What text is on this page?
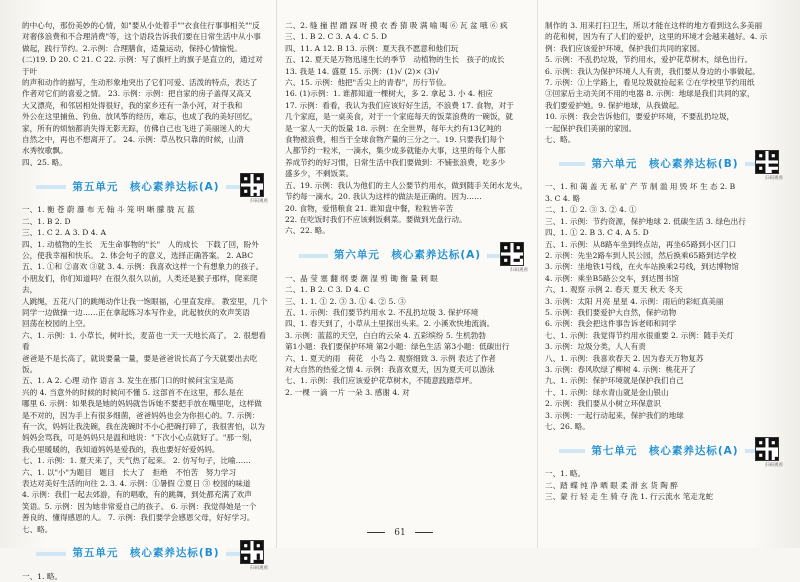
的中心句，那份美妙的心情，如"要从小处着手""衣食住行事事相关""反

对奢侈浪费和不合理消费"等，这个语段告诉我们要在日常生活中从小事

做起，践行节约。2.示例：合理膳食，适量运动，保持心情愉悦。

(二)19. D 20. C 21. C 22. 示例：写了旗杆上的旗子是直立的，通过对于叶

的声和动作的描写，生动形象地突出了它们可爱、活泼的特点，表达了

作者对它们的喜爱之情。 23. 示例：示例：把自家的房子盖得又高又

大又漂亮，和邻居相处得很好，我的家乡还有一条小河，对于我和

外公在这里捕鱼、钓鱼、放风筝的经历，难忘，也成了我的美好回忆，

家，所有的烦恼都消失得无影无踪，仿佛自己也飞进了美丽迷人的大

自然之中，再也不想离开了。 24. 示例：草丛牧只靠的时候，山清

水秀牧歌飘。

四、25. 略。

第五单元　核心素养达标(A)
扫码观看

一、1. 衡 苍 蔚 瀑 布 无 翰 斗 笼 明 晰 朦 胧 瓦 蓝

二、1. B 2. D

三、1. C 2. A 3. D 4. A

四、1. 动植物的生长　无生命事物的"长"　人的成长　下载了回，盼外

公，使我幸福和快乐。 2. 体会句子的意义，选择正确答案。 2. ABC

五、1. ①和 ②喜欢 ③就 3. 4. 示例：我喜欢这样一个有想象力的孩子。

小朋友们，你们知道吗？在很久很久以前，人类还是猴子那样，爬来爬去，

人跳绳，五花八门的跳绳动作让我一饱眼福，心里直发痒。 教室里，几个

同学一边做操一边……正在拿起练习本写作业，此起彼伏的欢声笑语

回荡在校园的上空。

六、1. 示例：1. 小草长，树叶长，麦苗也一天一天地长高了。 2. 很想看看

爸爸是不是长高了，就说要量一量，要是爸爸说长高了今天就要出去吃饭。

五、1. A 2. 心理 动作 语言 3. 发生在那门口的时候问宝宝是高

兴的 4. 当意外的时候的时候问不懂 5. 这部首不在这里，那么是在

哪里 6. 示例：如果我是她的妈妈就告诉她不要把手放在嘴里吃，这样做

是不对的，因为手上有很多细菌，爸爸妈妈也会为你担心的。7. 示例：

有一次，妈妈让我洗碗，我在洗碗时不小心把碗打碎了，我很害怕，以为

妈妈会骂我，可是妈妈只是温和地说："下次小心点就好了。"那一刻，

我心里暖暖的，我知道妈妈是爱我的，我也要好好爱妈妈。

七、1. 示例：1. 夏天来了，天气热了起来。 2. 仿写句子，比喻……

六、1. 以"小"为题目　题目　长大了　拒绝　不怕苦　努力学习

表达对美好生活的向往 2. 3. 4. 示例：①暑假 ②夏日 ③ 校园的味道

4. 示例：我们一起去郊游，有的唱歌，有的跳舞，到处都充满了欢声

笑语。5. 示例：因为她非常爱自己的孩子。 6. 示例：我觉得她是一个

善良的、懂得感恩的人。 7. 示例：我们要学会感恩父母，好好学习。

七、略。

第五单元　核心素养达标(B)
扫码观看

一、1. 略。

二、2. 缝 撞 捏 蹭 踩 呀 摸 衣 香 猜 吸 满 喻 喝 ⑥ 瓦 盆 哦 ⑥ 疯

三、1. B 2. C 3. A 4. C 5. D

四、11. A 12. B 13. 示例：夏天我不愿意和他们玩

五、12. 夏天是万物迅速生长的季节　动植物的生长　孩子的成长

13. 我是 14. 盛夏 15. 示例：(1)√ (2)× (3)√

六、15. 示例：他把"舌尖上的青春"，历行节俭。

16. (1)示例：1. 谁都知道一棵树大，多 2. 拿起 3. 小 4. 相应

17. 示例：看看，我认为我们应该好好生活，不浪费 17. 食物，对于

几个家庭，是一桌美食，对于一个家庭每天的饭菜浪费的一碗饭，就

是一家人一天的饭量 18. 示例：在全世界，每年大约有13亿吨的

食物被浪费，相当于全球食物产量的三分之一。19. 只要我们每个

人都节约一粒米，一滴水，集少成多就能办大事，这里的每个人都

养成节约的好习惯，日常生活中我们要做到：不铺张浪费，吃多少

盛多少，不剩饭菜。

五、19. 示例：我认为他们的主人公要节约用水，做到随手关闭水龙头，

节约每一滴水。20. 我认为这样的做法是正确的。因为……

20. 食物，爱惜粮食 21. 谁知盘中餐，粒粒皆辛苦

22. 在吃饭时我们不应该剩饭剩菜。要做到光盘行动。

六、22. 略。

第六单元　核心素养达标(A)
扫码观看

一、晶 莹 塞 翻 纲 要 潮 湿 剪 锄 衡 量 刺 眼

二、1. B 2. C 3. D 4. C

三、1. 1. ① 2. ③ 3. ① 4. ② 5. ③

五、1. 示例：我们要节约用水 2. 不乱扔垃圾 3. 保护环境

四、1. 春天到了，小草从土里探出头来。2. 小溪欢快地流淌。

3. 示例：蓝蓝的天空，白白的云朵 4. 五彩缤纷 5. 生机勃勃

第1小题：我们要保护环境 第2小题：绿色生活 第3小题：低碳出行

六、1. 夏天的雨　荷花　小鸟 2. 观察细致 3. 示例 表达了作者

对大自然的热爱之情 4. 示例：我喜欢夏天，因为夏天可以游泳

七、1. 示例：我们应该爱护花草树木，不随意践踏草坪。

2. 一棵 一滴 一片 一朵 3. 感谢 4. 对

制作的 3. 用来打扫卫生，所以才能在这样的地方看到这么多美丽

的花和树，因为有了人们的爱护，这里的环境才会越来越好。4. 示

例：我们应该爱护环境，保护我们共同的家园。

5. 示例：不乱扔垃圾，节约用水，爱护花草树木，绿色出行。

6. 示例：我认为保护环境人人有责，我们要从身边的小事做起。

7. 示例：①上学路上，看见垃圾就捡起来 ②在学校里节约用纸

③回家后主动关闭不用的电器 8. 示例：地球是我们共同的家，

我们要爱护她。9. 保护地球，从我做起。

10. 示例：我会告诉他们，要爱护环境，不要乱扔垃圾，

一起保护我们美丽的家园。

七、略。

第六单元　核心素养达标(B)
扫码观看

一、1. 和 蔼 盖 无 私 矿 产 节 制 滥 用 毁 坏 生 态 2. B

3. C 4. 略

二、1. ① 2. ③ 3. ② 4. ①

三、1. 示例：节约资源，保护地球 2. 低碳生活 3. 绿色出行

四、1. ① 2. B 3. C 4. A 5. D

五、1. 示例：从8路车坐到终点站，再坐65路到小区门口

2. 示例：先坐2路车到人民公园，然后换乘65路到达学校

3. 示例：坐地铁1号线，在火车站换乘2号线，到达博物馆

4. 示例：乘坐B5路公交车，到达图书馆

六、1. 观察 示例 2. 春天 夏天 秋天 冬天

3. 示例：太阳 月亮 星星 4. 示例：雨后的彩虹真美丽

5. 示例：我们要爱护大自然，保护动物

6. 示例：我会把这件事告诉老师和同学

七、1. 示例：我觉得节约用水很重要 2. 示例：随手关灯

3. 示例：垃圾分类，人人有责

八、1. 示例：我喜欢春天 2. 因为春天万物复苏

3. 示例：春风吹绿了柳树 4. 示例：桃花开了

九、1. 示例：保护环境就是保护我们自己

十、1. 示例：绿水青山就是金山银山

2. 示例：我们要从小树立环保意识

3. 示例：一起行动起来，保护我们的地球

七、26. 略。

第七单元　核心素养达标(A)
扫码观看

一、1. 略。

二、踏 蝶 纯 净 晒 眼 柔 滑 玄 货 陶 醉

三、蒙 行 轻 走 生 骑 夺 洗 1. 行云流水 笔走龙蛇

61
